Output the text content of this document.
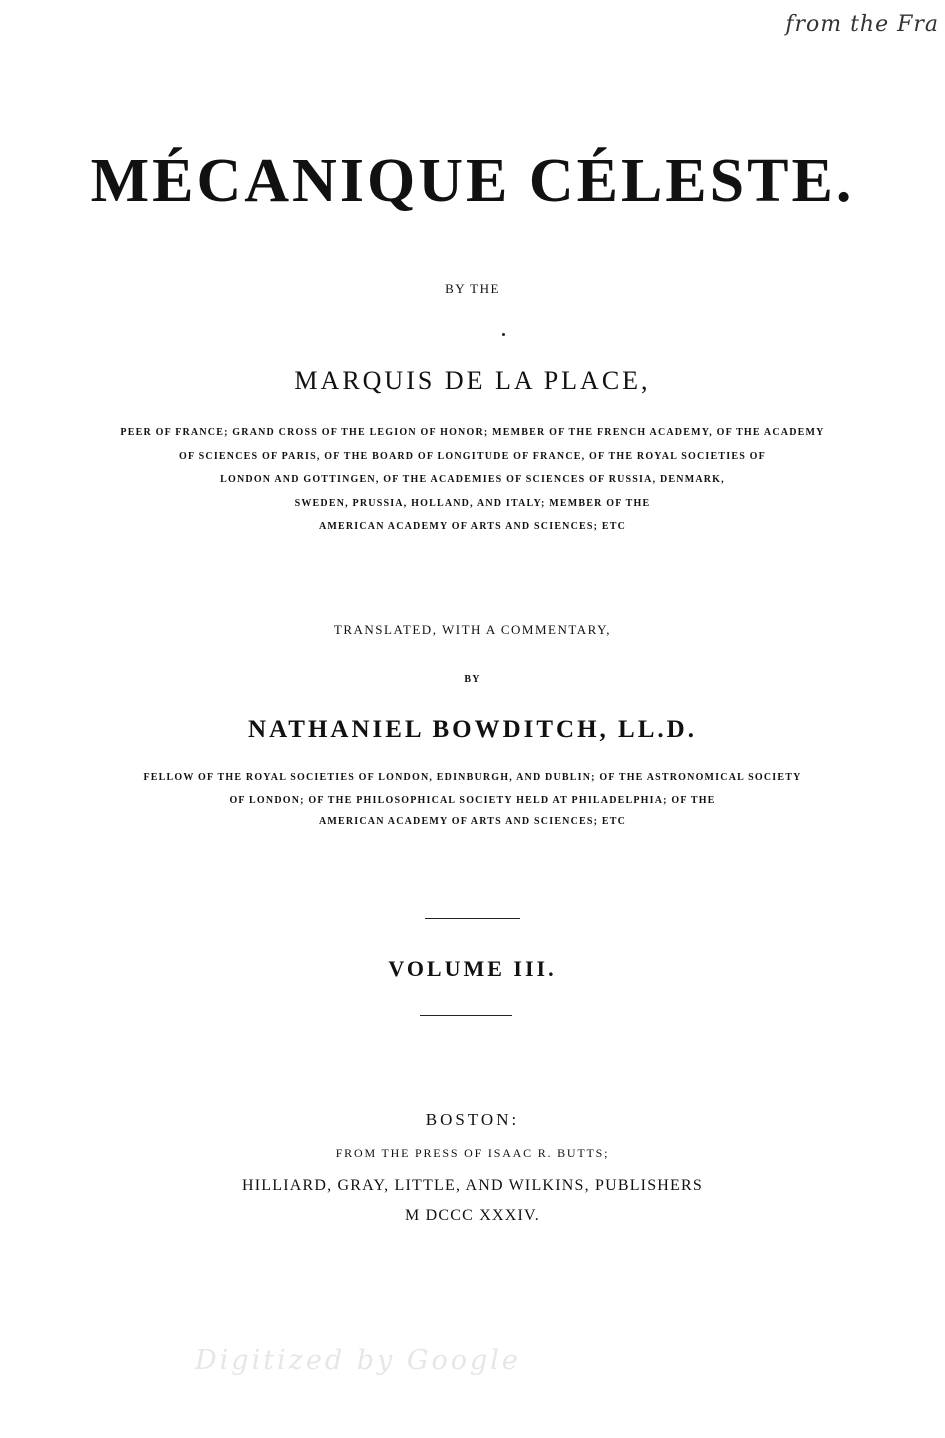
from the Fra
MÉCANIQUE CÉLESTE.
BY THE
MARQUIS DE LA PLACE,
PEER OF FRANCE; GRAND CROSS OF THE LEGION OF HONOR; MEMBER OF THE FRENCH ACADEMY, OF THE ACADEMY
OF SCIENCES OF PARIS, OF THE BOARD OF LONGITUDE OF FRANCE, OF THE ROYAL SOCIETIES OF
LONDON AND GOTTINGEN, OF THE ACADEMIES OF SCIENCES OF RUSSIA, DENMARK,
SWEDEN, PRUSSIA, HOLLAND, AND ITALY; MEMBER OF THE
AMERICAN ACADEMY OF ARTS AND SCIENCES; ETC
TRANSLATED, WITH A COMMENTARY,
BY
NATHANIEL BOWDITCH, LL.D.
FELLOW OF THE ROYAL SOCIETIES OF LONDON, EDINBURGH, AND DUBLIN; OF THE ASTRONOMICAL SOCIETY
OF LONDON; OF THE PHILOSOPHICAL SOCIETY HELD AT PHILADELPHIA; OF THE
AMERICAN ACADEMY OF ARTS AND SCIENCES; ETC
VOLUME III.
BOSTON:
FROM THE PRESS OF ISAAC R. BUTTS;
HILLIARD, GRAY, LITTLE, AND WILKINS, PUBLISHERS
M DCCC XXXIV.
Digitized by Google
